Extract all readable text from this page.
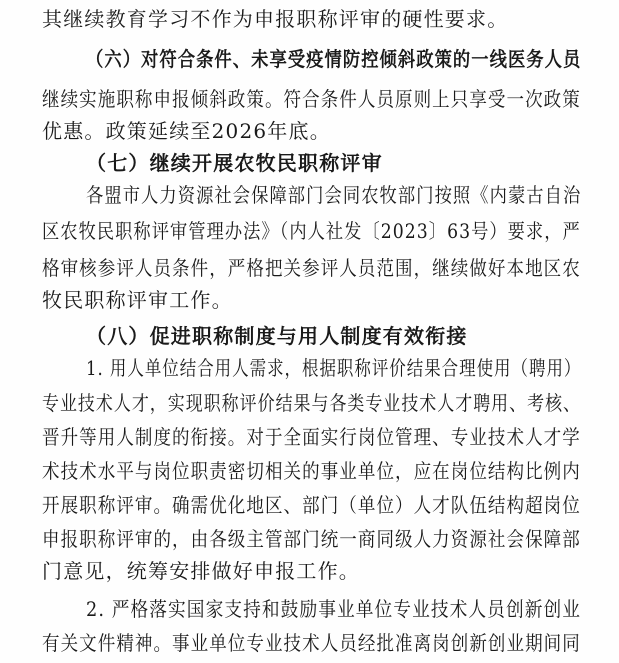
其继续教育学习不作为申报职称评审的硬性要求。
（六）对符合条件、未享受疫情防控倾斜政策的一线医务人员
继续实施职称申报倾斜政策。符合条件人员原则上只享受一次政策
优惠。政策延续至2026年底。
（七）继续开展农牧民职称评审
各盟市人力资源社会保障部门会同农牧部门按照《内蒙古自治
区农牧民职称评审管理办法》（内人社发〔2023〕63号）要求，严
格审核参评人员条件，严格把关参评人员范围，继续做好本地区农
牧民职称评审工作。
（八）促进职称制度与用人制度有效衔接
1. 用人单位结合用人需求，根据职称评价结果合理使用（聘用）
专业技术人才，实现职称评价结果与各类专业技术人才聘用、考核、
晋升等用人制度的衔接。对于全面实行岗位管理、专业技术人才学
术技术水平与岗位职责密切相关的事业单位，应在岗位结构比例内
开展职称评审。确需优化地区、部门（单位）人才队伍结构超岗位
申报职称评审的，由各级主管部门统一商同级人力资源社会保障部
门意见，统筹安排做好申报工作。
2. 严格落实国家支持和鼓励事业单位专业技术人员创新创业
有关文件精神。事业单位专业技术人员经批准离岗创新创业期间同
